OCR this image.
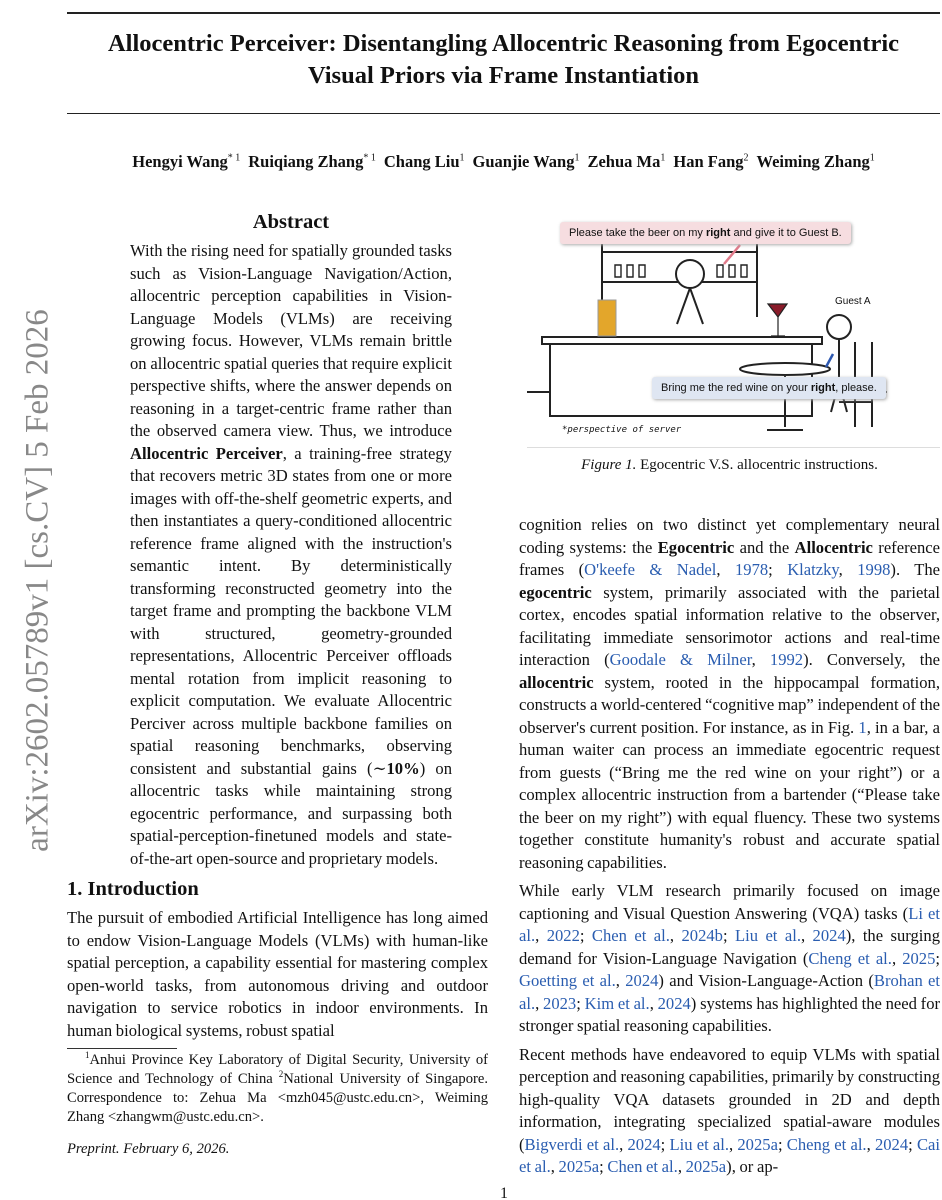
Allocentric Perceiver: Disentangling Allocentric Reasoning from Egocentric
Visual Priors via Frame Instantiation
Hengyi Wang$^{* 1}$ Ruiqiang Zhang$^{* 1}$ Chang Liu$^1$ Guanjie Wang$^1$ Zehua Ma$^1$ Han Fang$^2$ Weiming Zhang$^1$
arXiv:2602.05789v1 [cs.CV] 5 Feb 2026
Abstract

With the rising need for spatially grounded tasks such as Vision-Language Navigation/Action, allocentric perception capabilities in Vision-Language Models (VLMs) are receiving growing focus. However, VLMs remain brittle on allocentric spatial queries that require explicit perspective shifts, where the answer depends on reasoning in a target-centric frame rather than the observed camera view. Thus, we introduce Allocentric Perceiver, a training-free strategy that recovers metric 3D states from one or more images with off-the-shelf geometric experts, and then instantiates a query-conditioned allocentric reference frame aligned with the instruction's semantic intent. By deterministically transforming reconstructed geometry into the target frame and prompting the backbone VLM with structured, geometry-grounded representations, Allocentric Perceiver offloads mental rotation from implicit reasoning to explicit computation. We evaluate Allocentric Perciver across multiple backbone families on spatial reasoning benchmarks, observing consistent and substantial gains (∼10%) on allocentric tasks while maintaining strong egocentric performance, and surpassing both spatial-perception-finetuned models and state-of-the-art open-source and proprietary models.

1. Introduction

The pursuit of embodied Artificial Intelligence has long aimed to endow Vision-Language Models (VLMs) with human-like spatial perception, a capability essential for mastering complex open-world tasks, from autonomous driving and outdoor navigation to service robotics in indoor environments. In human biological systems, robust spatial

Please take the beer on my right and give it to Guest B.
Guest A
Bring me the red wine on your right, please.
*perspective of server
Figure 1. Egocentric V.S. allocentric instructions.

cognition relies on two distinct yet complementary neural coding systems: the Egocentric and the Allocentric reference frames (O'keefe & Nadel, 1978; Klatzky, 1998). The egocentric system, primarily associated with the parietal cortex, encodes spatial information relative to the observer, facilitating immediate sensorimotor actions and real-time interaction (Goodale & Milner, 1992). Conversely, the allocentric system, rooted in the hippocampal formation, constructs a world-centered “cognitive map” independent of the observer's current position. For instance, as in Fig. 1, in a bar, a human waiter can process an immediate egocentric request from guests (“Bring me the red wine on your right”) or a complex allocentric instruction from a bartender (“Please take the beer on my right”) with equal fluency. These two systems together constitute humanity's robust and accurate spatial reasoning capabilities.

While early VLM research primarily focused on image captioning and Visual Question Answering (VQA) tasks (Li et al., 2022; Chen et al., 2024b; Liu et al., 2024), the surging demand for Vision-Language Navigation (Cheng et al., 2025; Goetting et al., 2024) and Vision-Language-Action (Brohan et al., 2023; Kim et al., 2024) systems has highlighted the need for stronger spatial reasoning capabilities.

Recent methods have endeavored to equip VLMs with spatial perception and reasoning capabilities, primarily by constructing high-quality VQA datasets grounded in 2D and depth information, integrating specialized spatial-aware modules (Bigverdi et al., 2024; Liu et al., 2025a; Cheng et al., 2024; Cai et al., 2025a; Chen et al., 2025a), or ap-

$^1$Anhui Province Key Laboratory of Digital Security, University of Science and Technology of China $^2$National University of Singapore. Correspondence to: Zehua Ma <mzh045@ustc.edu.cn>, Weiming Zhang <zhangwm@ustc.edu.cn>.
Preprint. February 6, 2026.
1
